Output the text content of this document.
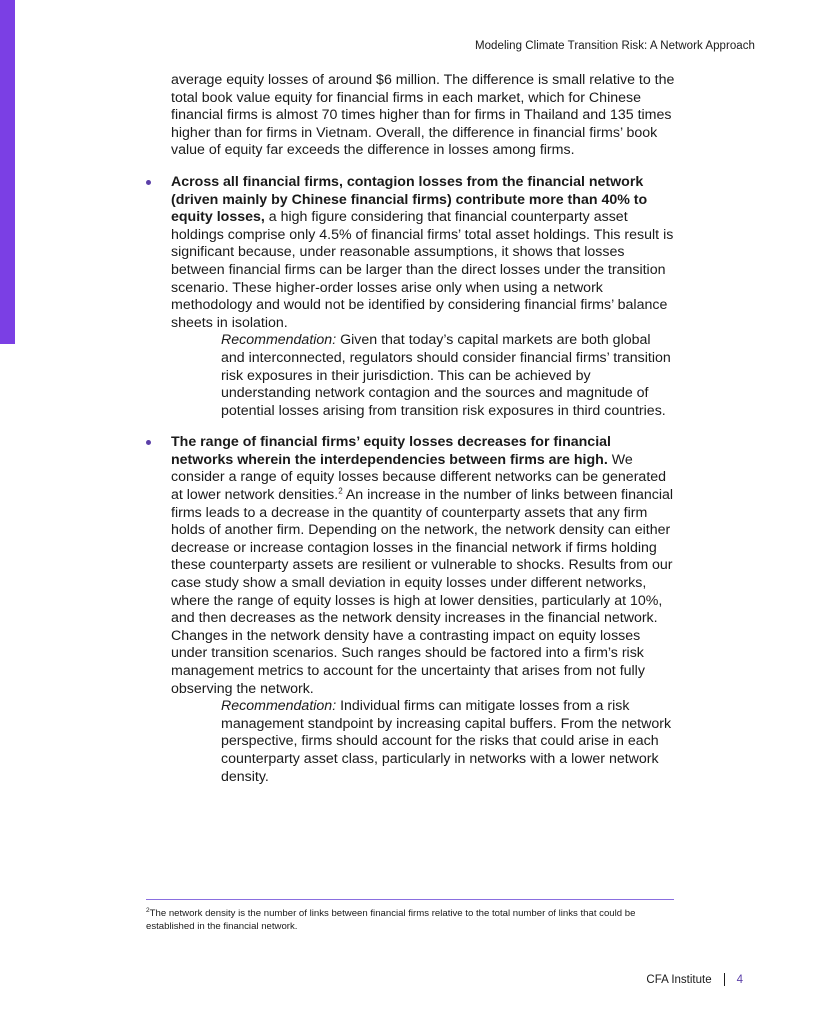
Modeling Climate Transition Risk: A Network Approach

average equity losses of around $6 million. The difference is small relative to the total book value equity for financial firms in each market, which for Chinese financial firms is almost 70 times higher than for firms in Thailand and 135 times higher than for firms in Vietnam. Overall, the difference in financial firms’ book value of equity far exceeds the difference in losses among firms.

Across all financial firms, contagion losses from the financial network (driven mainly by Chinese financial firms) contribute more than 40% to equity losses, a high figure considering that financial counterparty asset holdings comprise only 4.5% of financial firms’ total asset holdings. This result is significant because, under reasonable assumptions, it shows that losses between financial firms can be larger than the direct losses under the transition scenario. These higher-order losses arise only when using a network methodology and would not be identified by considering financial firms’ balance sheets in isolation.

Recommendation: Given that today’s capital markets are both global and interconnected, regulators should consider financial firms’ transition risk exposures in their jurisdiction. This can be achieved by understanding network contagion and the sources and magnitude of potential losses arising from transition risk exposures in third countries.

The range of financial firms’ equity losses decreases for financial networks wherein the interdependencies between firms are high. We consider a range of equity losses because different networks can be generated at lower network densities.$^2$ An increase in the number of links between financial firms leads to a decrease in the quantity of counterparty assets that any firm holds of another firm. Depending on the network, the network density can either decrease or increase contagion losses in the financial network if firms holding these counterparty assets are resilient or vulnerable to shocks. Results from our case study show a small deviation in equity losses under different networks, where the range of equity losses is high at lower densities, particularly at 10%, and then decreases as the network density increases in the financial network. Changes in the network density have a contrasting impact on equity losses under transition scenarios. Such ranges should be factored into a firm’s risk management metrics to account for the uncertainty that arises from not fully observing the network.

Recommendation: Individual firms can mitigate losses from a risk management standpoint by increasing capital buffers. From the network perspective, firms should account for the risks that could arise in each counterparty asset class, particularly in networks with a lower network density.

$^2$The network density is the number of links between financial firms relative to the total number of links that could be established in the financial network.
CFA Institute 4
